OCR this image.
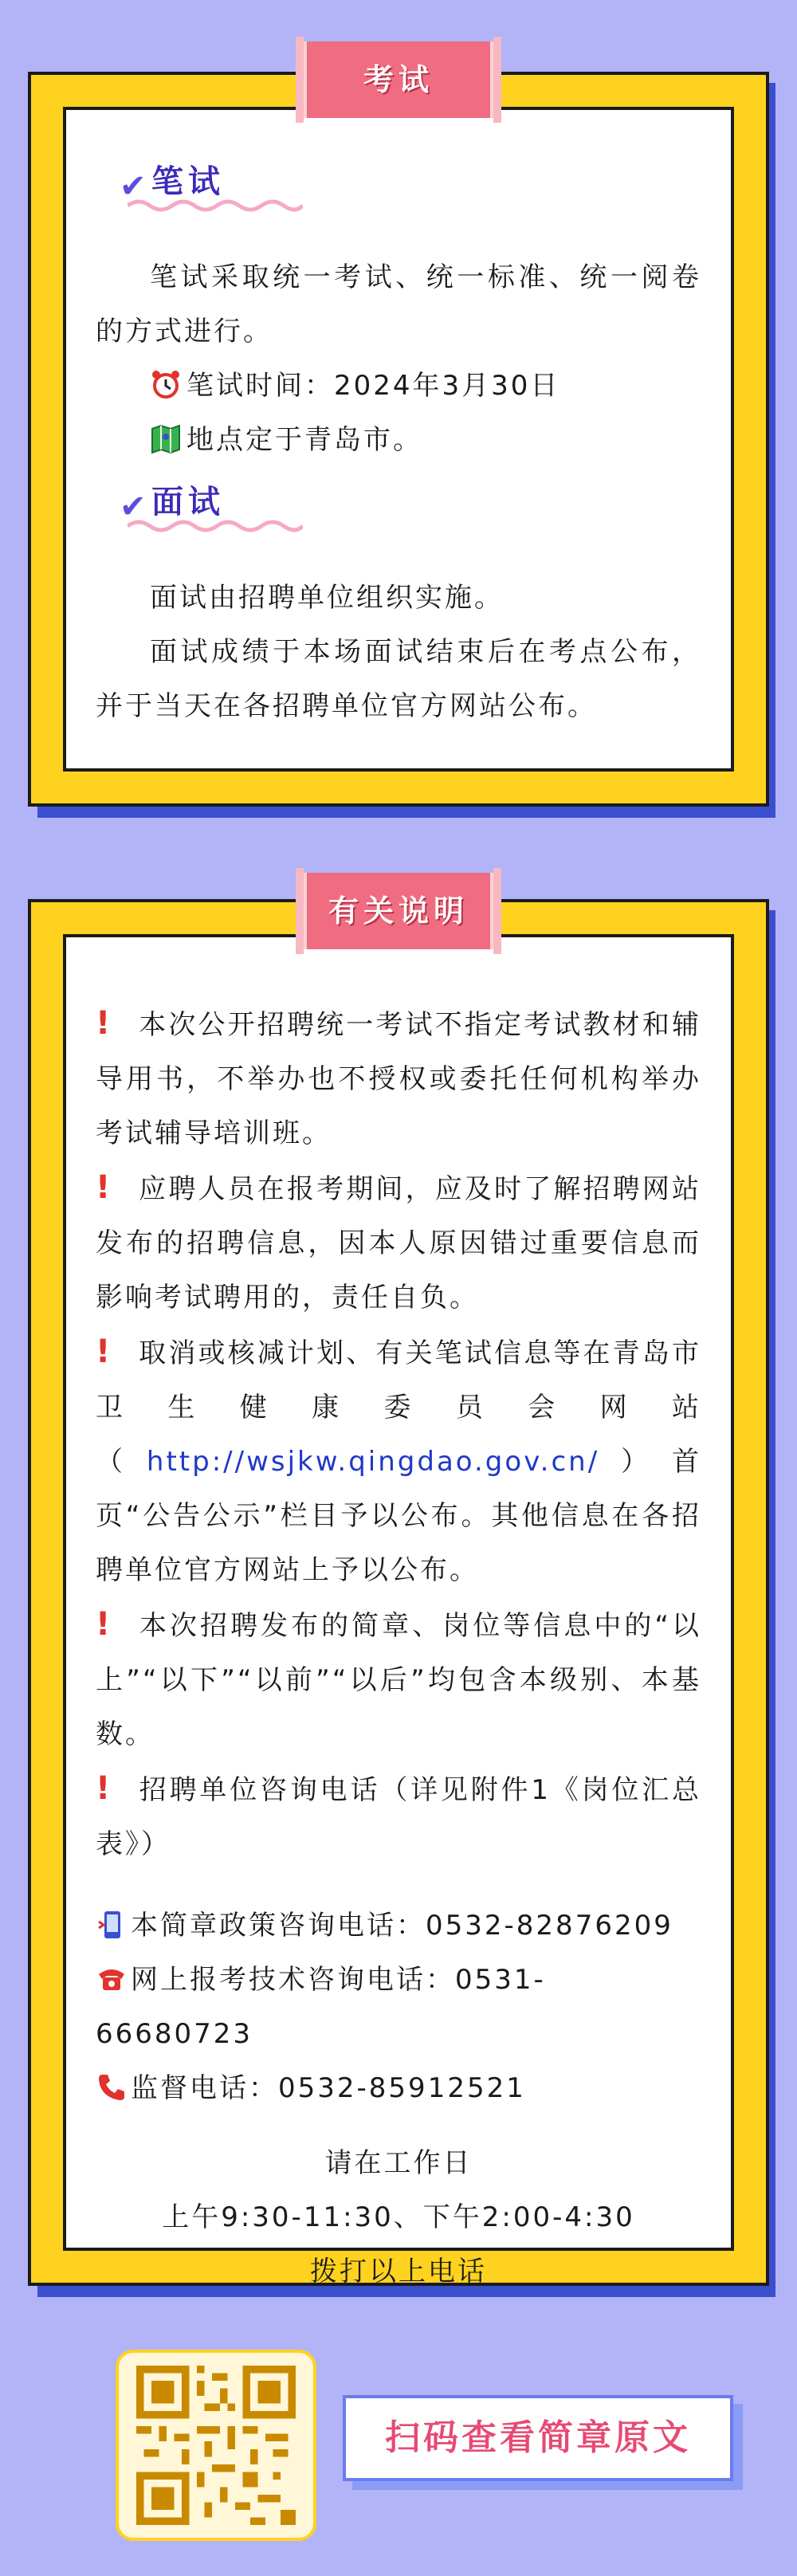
考试
✔ 笔试

笔试采取统一考试、统一标准、统一阅卷的方式进行。

笔试时间：2024年3月30日
地点定于青岛市。
✔ 面试

面试由招聘单位组织实施。

面试成绩于本场面试结束后在考点公布，并于当天在各招聘单位官方网站公布。

有关说明

! 本次公开招聘统一考试不指定考试教材和辅导用书，不举办也不授权或委托任何机构举办考试辅导培训班。

! 应聘人员在报考期间，应及时了解招聘网站发布的招聘信息，因本人原因错过重要信息而影响考试聘用的，责任自负。

! 取消或核减计划、有关笔试信息等在青岛市卫生健康委员会网站（http://wsjkw.qingdao.gov.cn/）首页“公告公示”栏目予以公布。其他信息在各招聘单位官方网站上予以公布。

! 本次招聘发布的简章、岗位等信息中的“以上”“以下”“以前”“以后”均包含本级别、本基数。

! 招聘单位咨询电话（详见附件1《岗位汇总表》）

本简章政策咨询电话：0532-82876209

网上报考技术咨询电话：0531-66680723

监督电话：0532-85912521

请在工作日

上午9:30-11:30、下午2:00-4:30

拨打以上电话

扫码查看简章原文
